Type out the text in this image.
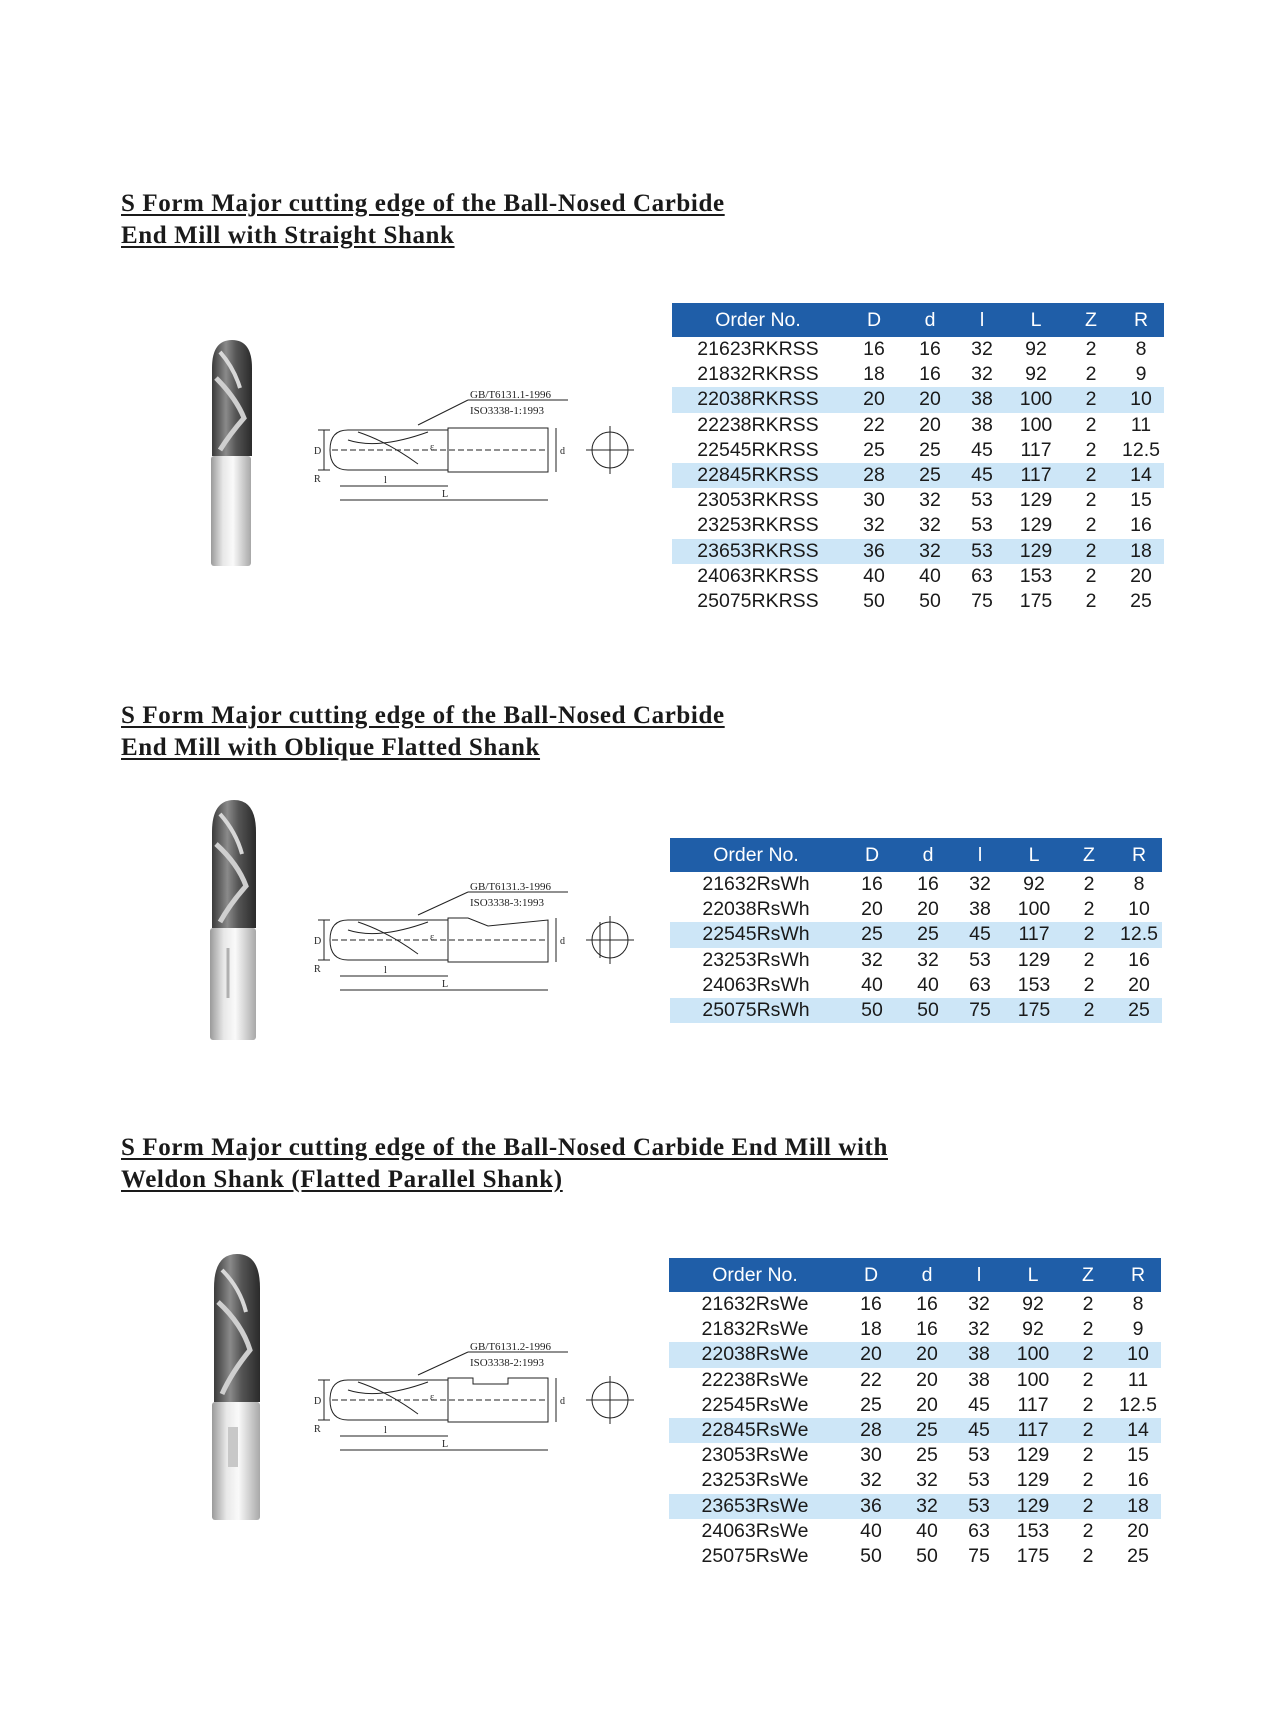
S Form Major cutting edge of the Ball-Nosed Carbide
End Mill with Straight Shank
GB/T6131.1-1996
ISO3338-1:1993
D	d
l
L
R
ε
Order No.	D	d	l	L	Z	R
21623RKRSS	16	16	32	92	2	8
21832RKRSS	18	16	32	92	2	9
22038RKRSS	20	20	38	100	2	10
22238RKRSS	22	20	38	100	2	11
22545RKRSS	25	25	45	117	2	12.5
22845RKRSS	28	25	45	117	2	14
23053RKRSS	30	32	53	129	2	15
23253RKRSS	32	32	53	129	2	16
23653RKRSS	36	32	53	129	2	18
24063RKRSS	40	40	63	153	2	20
25075RKRSS	50	50	75	175	2	25
S Form Major cutting edge of the Ball-Nosed Carbide
End Mill with Oblique Flatted Shank
GB/T6131.3-1996
ISO3338-3:1993
D	d
l
L
R
ε
Order No.	D	d	l	L	Z	R
21632RsWh	16	16	32	92	2	8
22038RsWh	20	20	38	100	2	10
22545RsWh	25	25	45	117	2	12.5
23253RsWh	32	32	53	129	2	16
24063RsWh	40	40	63	153	2	20
25075RsWh	50	50	75	175	2	25
S Form Major cutting edge of the Ball-Nosed Carbide End Mill with
Weldon Shank (Flatted Parallel Shank)
GB/T6131.2-1996
ISO3338-2:1993
D	d
l
L
R
ε
Order No.	D	d	l	L	Z	R
21632RsWe	16	16	32	92	2	8
21832RsWe	18	16	32	92	2	9
22038RsWe	20	20	38	100	2	10
22238RsWe	22	20	38	100	2	11
22545RsWe	25	20	45	117	2	12.5
22845RsWe	28	25	45	117	2	14
23053RsWe	30	25	53	129	2	15
23253RsWe	32	32	53	129	2	16
23653RsWe	36	32	53	129	2	18
24063RsWe	40	40	63	153	2	20
25075RsWe	50	50	75	175	2	25
